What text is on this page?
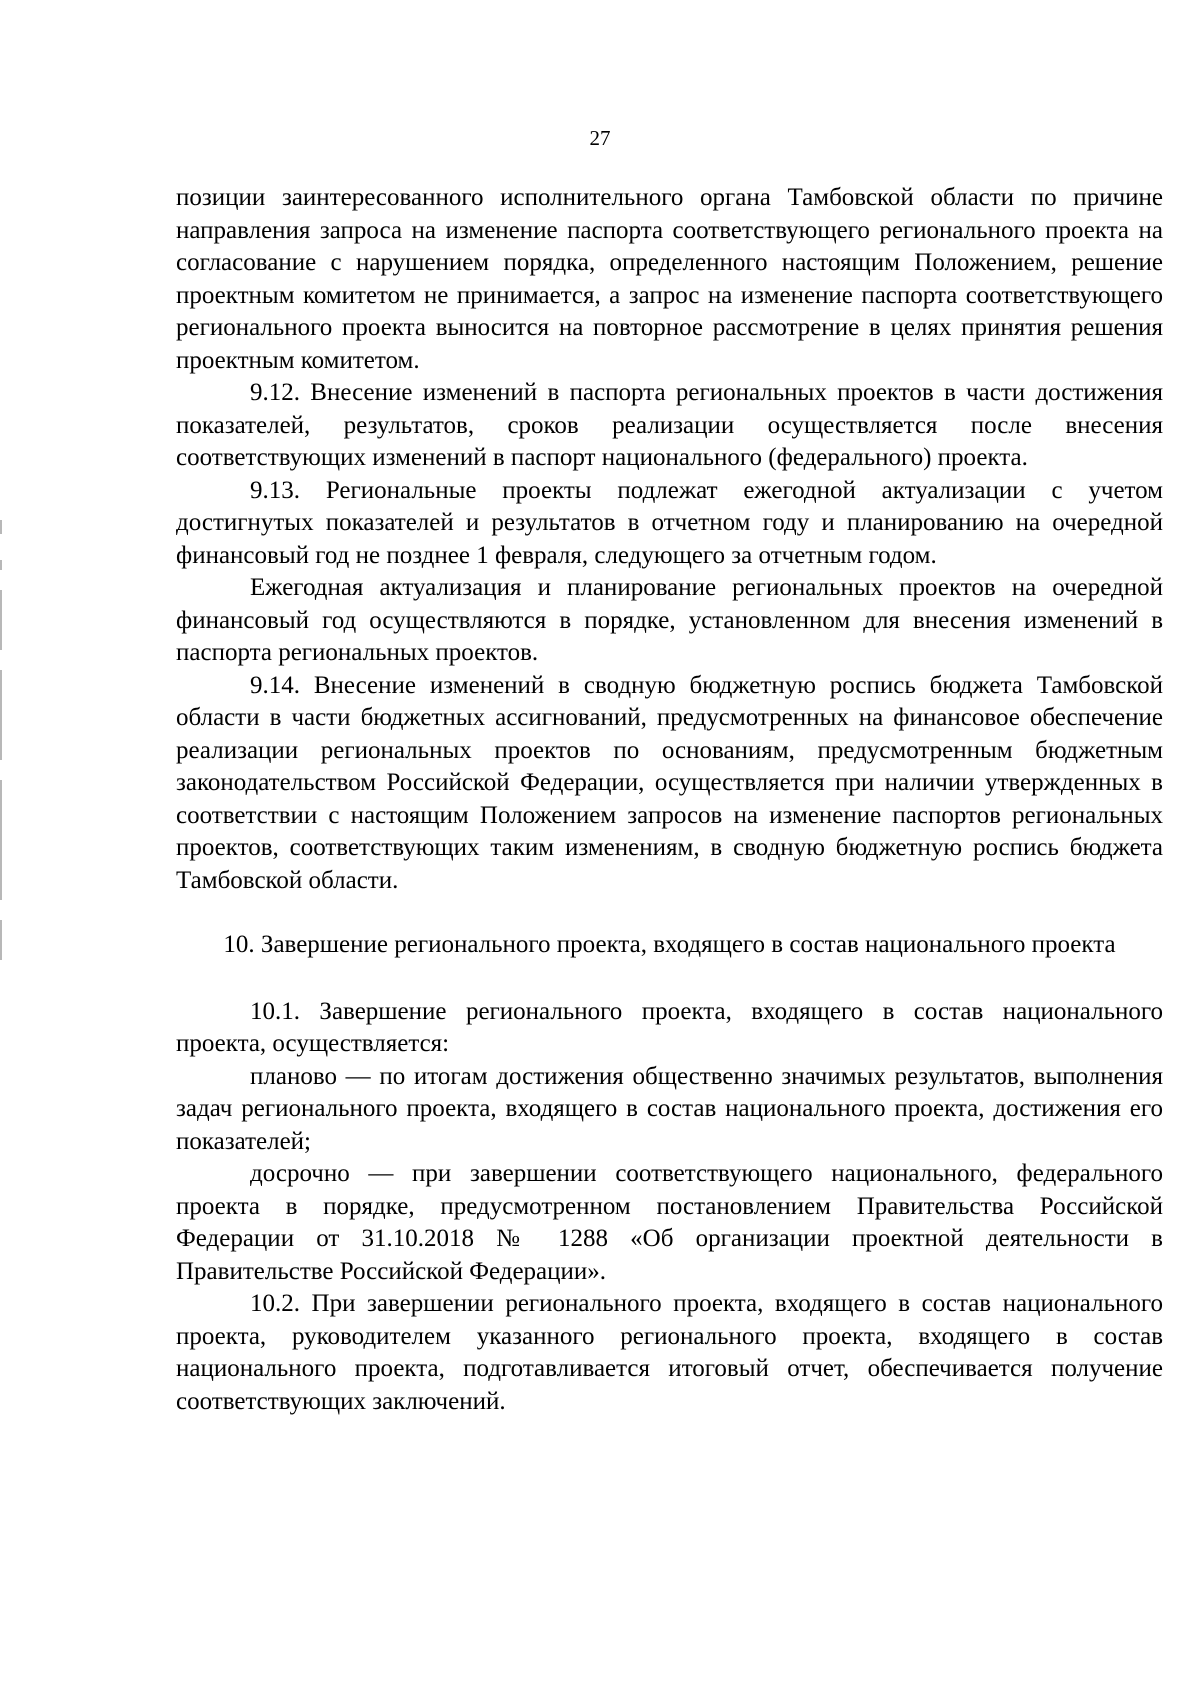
27

позиции заинтересованного исполнительного органа Тамбовской области по причине направления запроса на изменение паспорта соответствующего регионального проекта на согласование с нарушением порядка, определенного настоящим Положением, решение проектным комитетом не принимается, а запрос на изменение паспорта соответствующего регионального проекта выносится на повторное рассмотрение в целях принятия решения проектным комитетом.

9.12. Внесение изменений в паспорта региональных проектов в части достижения показателей, результатов, сроков реализации осуществляется после внесения соответствующих изменений в паспорт национального (федерального) проекта.

9.13. Региональные проекты подлежат ежегодной актуализации с учетом достигнутых показателей и результатов в отчетном году и планированию на очередной финансовый год не позднее 1 февраля, следующего за отчетным годом.

Ежегодная актуализация и планирование региональных проектов на очередной финансовый год осуществляются в порядке, установленном для внесения изменений в паспорта региональных проектов.

9.14. Внесение изменений в сводную бюджетную роспись бюджета Тамбовской области в части бюджетных ассигнований, предусмотренных на финансовое обеспечение реализации региональных проектов по основаниям, предусмотренным бюджетным законодательством Российской Федерации, осуществляется при наличии утвержденных в соответствии с настоящим Положением запросов на изменение паспортов региональных проектов, соответствующих таким изменениям, в сводную бюджетную роспись бюджета Тамбовской области.

10. Завершение регионального проекта, входящего в состав национального проекта

10.1. Завершение регионального проекта, входящего в состав национального проекта, осуществляется:

планово — по итогам достижения общественно значимых результатов, выполнения задач регионального проекта, входящего в состав национального проекта, достижения его показателей;

досрочно — при завершении соответствующего национального, федерального проекта в порядке, предусмотренном постановлением Правительства Российской Федерации от 31.10.2018 № 1288 «Об организации проектной деятельности в Правительстве Российской Федерации».

10.2. При завершении регионального проекта, входящего в состав национального проекта, руководителем указанного регионального проекта, входящего в состав национального проекта, подготавливается итоговый отчет, обеспечивается получение соответствующих заключений.
